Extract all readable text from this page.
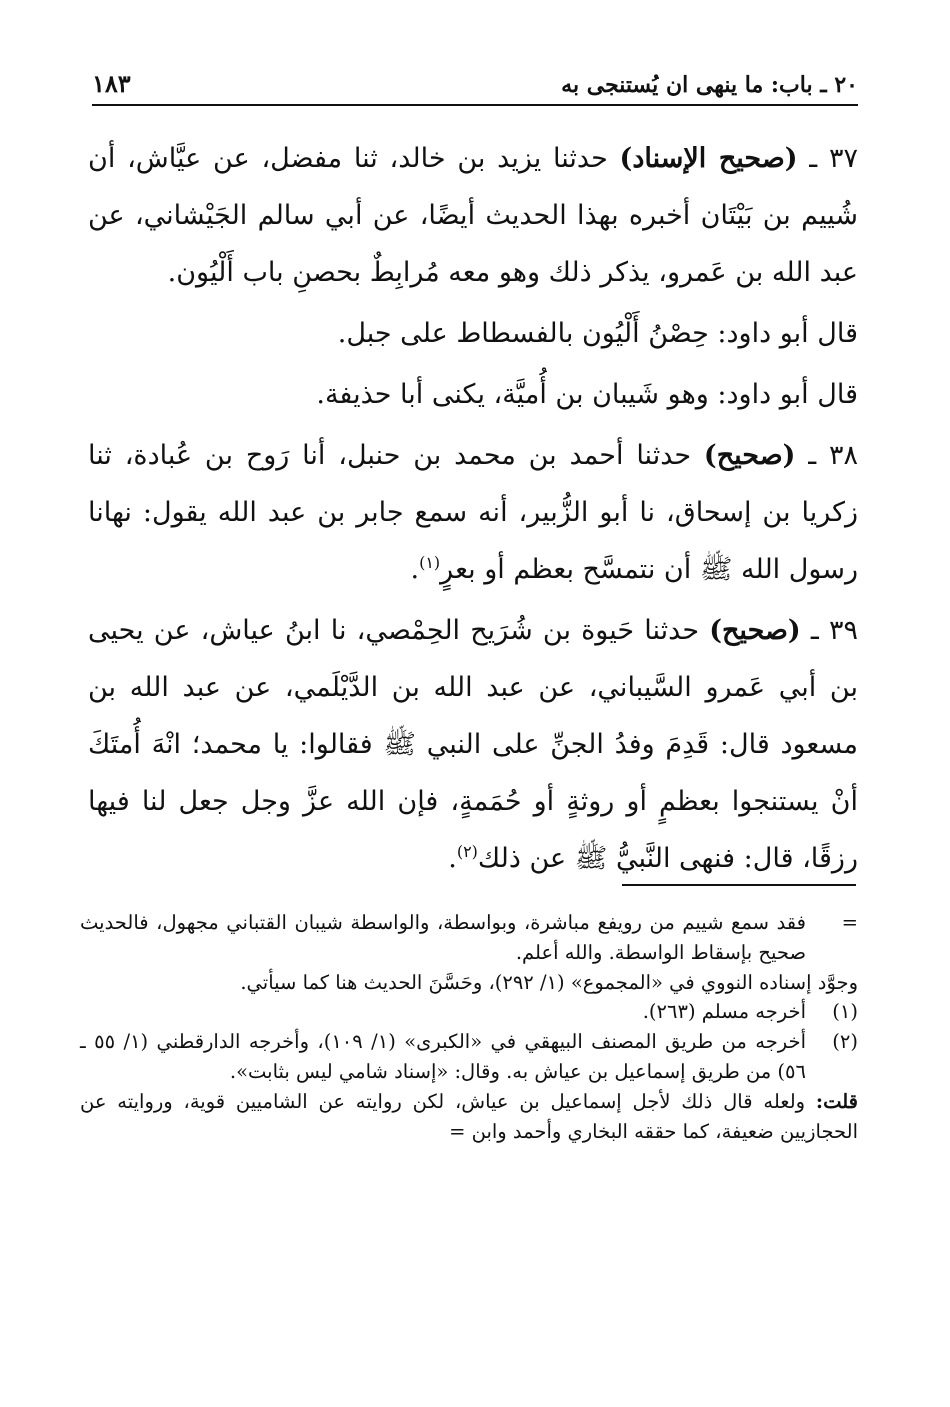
٢٠ ـ باب: ما ينهى ان يُستنجى به
١٨٣

٣٧ ـ (صحيح الإسناد) حدثنا يزيد بن خالد، ثنا مفضل، عن عيَّاش، أن شُييم بن بَيْتَان أخبره بهذا الحديث أيضًا، عن أبي سالم الجَيْشاني، عن عبد الله بن عَمرو، يذكر ذلك وهو معه مُرابِطٌ بحصنِ باب أَلْيُون.

قال أبو داود: حِصْنُ أَلْيُون بالفسطاط على جبل.

قال أبو داود: وهو شَيبان بن أُميَّة، يكنى أبا حذيفة.

٣٨ ـ (صحيح) حدثنا أحمد بن محمد بن حنبل، أنا رَوح بن عُبادة، ثنا زكريا بن إسحاق، نا أبو الزُّبير، أنه سمع جابر بن عبد الله يقول: نهانا رسول الله ﷺ أن نتمسَّح بعظم أو بعرٍ$^{(١)}$.

٣٩ ـ (صحيح) حدثنا حَيوة بن شُرَيح الحِمْصي، نا ابنُ عياش، عن يحيى بن أبي عَمرو السَّيباني، عن عبد الله بن الدَّيْلَمي، عن عبد الله بن مسعود قال: قَدِمَ وفدُ الجنِّ على النبي ﷺ فقالوا: يا محمد؛ انْهَ أُمتَكَ أنْ يستنجوا بعظمٍ أو روثةٍ أو حُمَمةٍ، فإن الله عزَّ وجل جعل لنا فيها رزقًا، قال: فنهى النَّبيُّ ﷺ عن ذلك$^{(٢)}$.

=
فقد سمع شييم من رويفع مباشرة، وبواسطة، والواسطة شيبان القتباني مجهول، فالحديث صحيح بإسقاط الواسطة. والله أعلم.

وجوَّد إسناده النووي في «المجموع» (١/ ٢٩٢)، وحَسَّنَ الحديث هنا كما سيأتي.

(١)
أخرجه مسلم (٢٦٣).
(٢)
أخرجه من طريق المصنف البيهقي في «الكبرى» (١/ ١٠٩)، وأخرجه الدارقطني (١/ ٥٥ ـ ٥٦) من طريق إسماعيل بن عياش به. وقال: «إسناد شامي ليس بثابت».

قلت: ولعله قال ذلك لأجل إسماعيل بن عياش، لكن روايته عن الشاميين قوية، وروايته عن الحجازيين ضعيفة، كما حققه البخاري وأحمد وابن =
